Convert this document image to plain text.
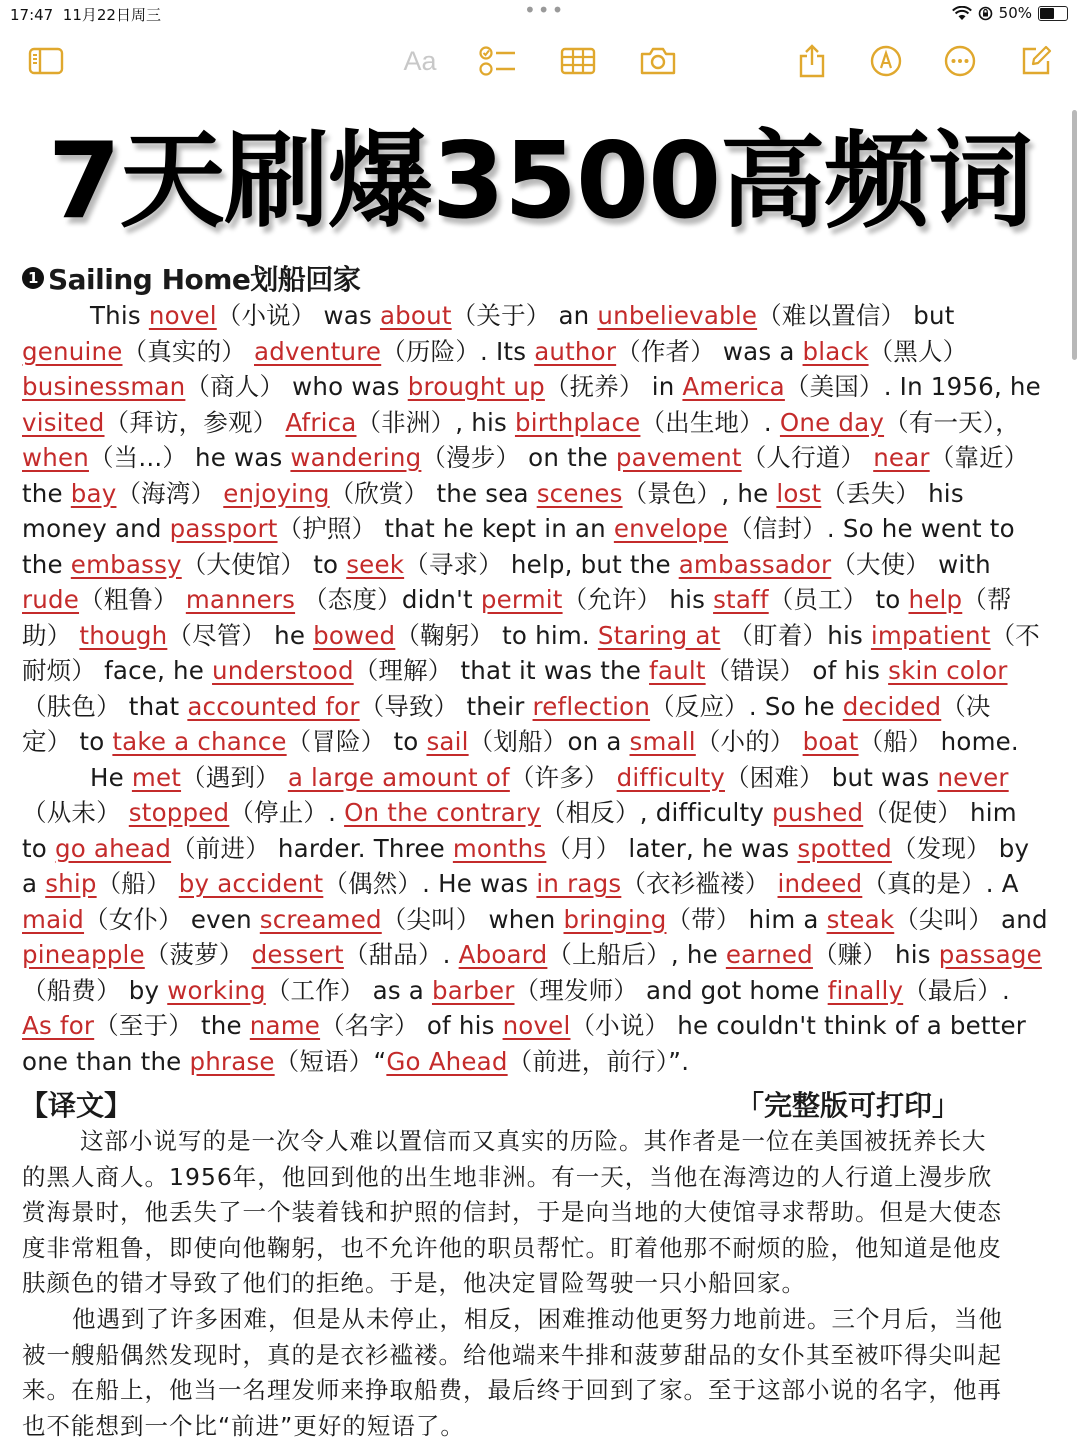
17:47 11月22日周三	•••	50%
Aa
7天刷爆3500高频词
1 Sailing Home划船回家
This novel（小说） was about（关于） an unbelievable（难以置信） but
genuine（真实的） adventure（历险）. Its author（作者） was a black（黑人）
businessman（商人） who was brought up（抚养） in America（美国）. In 1956, he
visited（拜访，参观） Africa（非洲）, his birthplace（出生地）. One day（有一天），
when（当...） he was wandering（漫步） on the pavement（人行道） near（靠近）
the bay（海湾） enjoying（欣赏） the sea scenes（景色）, he lost（丢失） his
money and passport（护照） that he kept in an envelope（信封）. So he went to
the embassy（大使馆） to seek（寻求） help, but the ambassador（大使） with
rude（粗鲁） manners （态度）didn't permit（允许） his staff（员工） to help（帮
助） though（尽管） he bowed（鞠躬） to him. Staring at （盯着）his impatient（不
耐烦） face, he understood（理解） that it was the fault（错误） of his skin color
（肤色） that accounted for（导致） their reflection（反应）. So he decided（决
定） to take a chance（冒险） to sail（划船）on a small（小的） boat（船） home.
He met（遇到） a large amount of（许多） difficulty（困难） but was never
（从未） stopped（停止）. On the contrary（相反）, difficulty pushed（促使） him
to go ahead（前进） harder. Three months（月） later, he was spotted（发现） by
a ship（船） by accident（偶然）. He was in rags（衣衫褴褛） indeed（真的是）. A
maid（女仆） even screamed（尖叫） when bringing（带） him a steak（尖叫） and
pineapple（菠萝） dessert（甜品）. Aboard（上船后）, he earned（赚） his passage
（船费） by working（工作） as a barber（理发师） and got home finally（最后）.
As for（至于） the name（名字） of his novel（小说） he couldn't think of a better
one than the phrase（短语）“Go Ahead（前进，前行）”.
【译文】	「完整版可打印」
这部小说写的是一次令人难以置信而又真实的历险。其作者是一位在美国被抚养长大
的黑人商人。1956年，他回到他的出生地非洲。有一天，当他在海湾边的人行道上漫步欣
赏海景时，他丢失了一个装着钱和护照的信封，于是向当地的大使馆寻求帮助。但是大使态
度非常粗鲁，即使向他鞠躬，也不允许他的职员帮忙。盯着他那不耐烦的脸，他知道是他皮
肤颜色的错才导致了他们的拒绝。于是，他决定冒险驾驶一只小船回家。
他遇到了许多困难，但是从未停止，相反，困难推动他更努力地前进。三个月后，当他
被一艘船偶然发现时，真的是衣衫褴褛。给他端来牛排和菠萝甜品的女仆其至被吓得尖叫起
来。在船上，他当一名理发师来挣取船费，最后终于回到了家。至于这部小说的名字，他再
也不能想到一个比“前进”更好的短语了。
